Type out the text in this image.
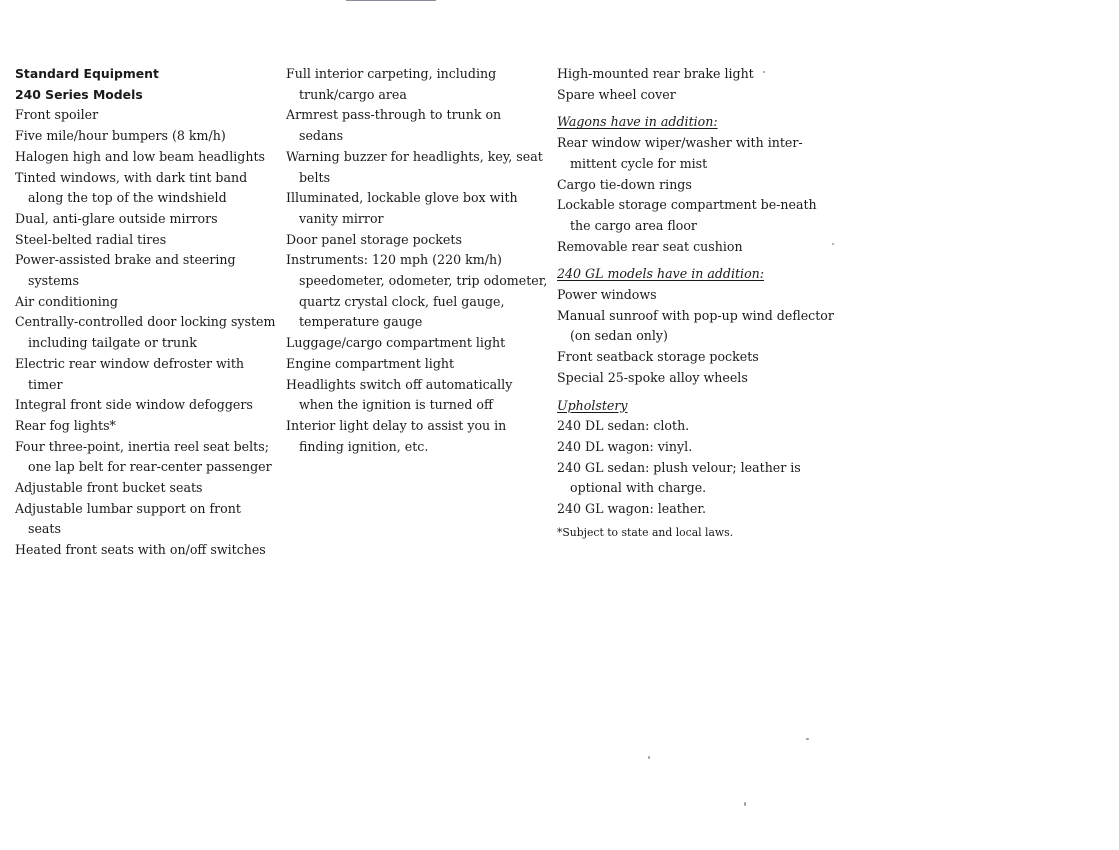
Standard Equipment
240 Series Models
Front spoiler
Five mile/hour bumpers (8 km/h)
Halogen high and low beam headlights
Tinted windows, with dark tint band along the top of the windshield
Dual, anti-glare outside mirrors
Steel-belted radial tires
Power-assisted brake and steering systems
Air conditioning
Centrally-controlled door locking system including tailgate or trunk
Electric rear window defroster with timer
Integral front side window defoggers
Rear fog lights*
Four three-point, inertia reel seat belts; one lap belt for rear-center passenger
Adjustable front bucket seats
Adjustable lumbar support on front seats
Heated front seats with on/off switches
Full interior carpeting, including trunk/cargo area
Armrest pass-through to trunk on sedans
Warning buzzer for headlights, key, seat belts
Illuminated, lockable glove box with vanity mirror
Door panel storage pockets
Instruments: 120 mph (220 km/h) speedometer, odometer, trip odometer, quartz crystal clock, fuel gauge, temperature gauge
Luggage/cargo compartment light
Engine compartment light
Headlights switch off automatically when the ignition is turned off
Interior light delay to assist you in finding ignition, etc.
High-mounted rear brake light
Spare wheel cover
Wagons have in addition:
Rear window wiper/washer with inter-mittent cycle for mist
Cargo tie-down rings
Lockable storage compartment be-neath the cargo area floor
Removable rear seat cushion
240 GL models have in addition:
Power windows
Manual sunroof with pop-up wind deflector (on sedan only)
Front seatback storage pockets
Special 25-spoke alloy wheels
Upholstery
240 DL sedan: cloth.
240 DL wagon: vinyl.
240 GL sedan: plush velour; leather is optional with charge.
240 GL wagon: leather.
*Subject to state and local laws.
